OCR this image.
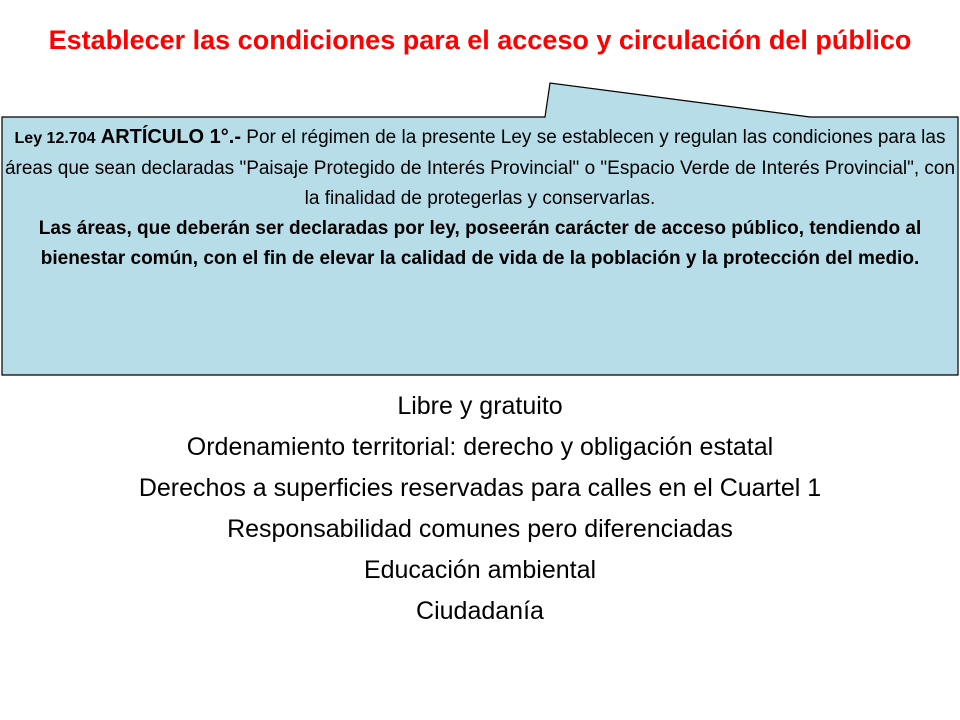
Establecer las condiciones para el acceso y circulación del público
Ley 12.704 ARTÍCULO 1°.- Por el régimen de la presente Ley se establecen y regulan las condiciones para las áreas que sean declaradas "Paisaje Protegido de Interés Provincial" o "Espacio Verde de Interés Provincial", con la finalidad de protegerlas y conservarlas.
Las áreas, que deberán ser declaradas por ley, poseerán carácter de acceso público, tendiendo al bienestar común, con el fin de elevar la calidad de vida de la población y la protección del medio.
Libre y gratuito
Ordenamiento territorial: derecho y obligación estatal
Derechos a superficies reservadas para calles en el Cuartel 1
Responsabilidad comunes pero diferenciadas
Educación ambiental
Ciudadanía
